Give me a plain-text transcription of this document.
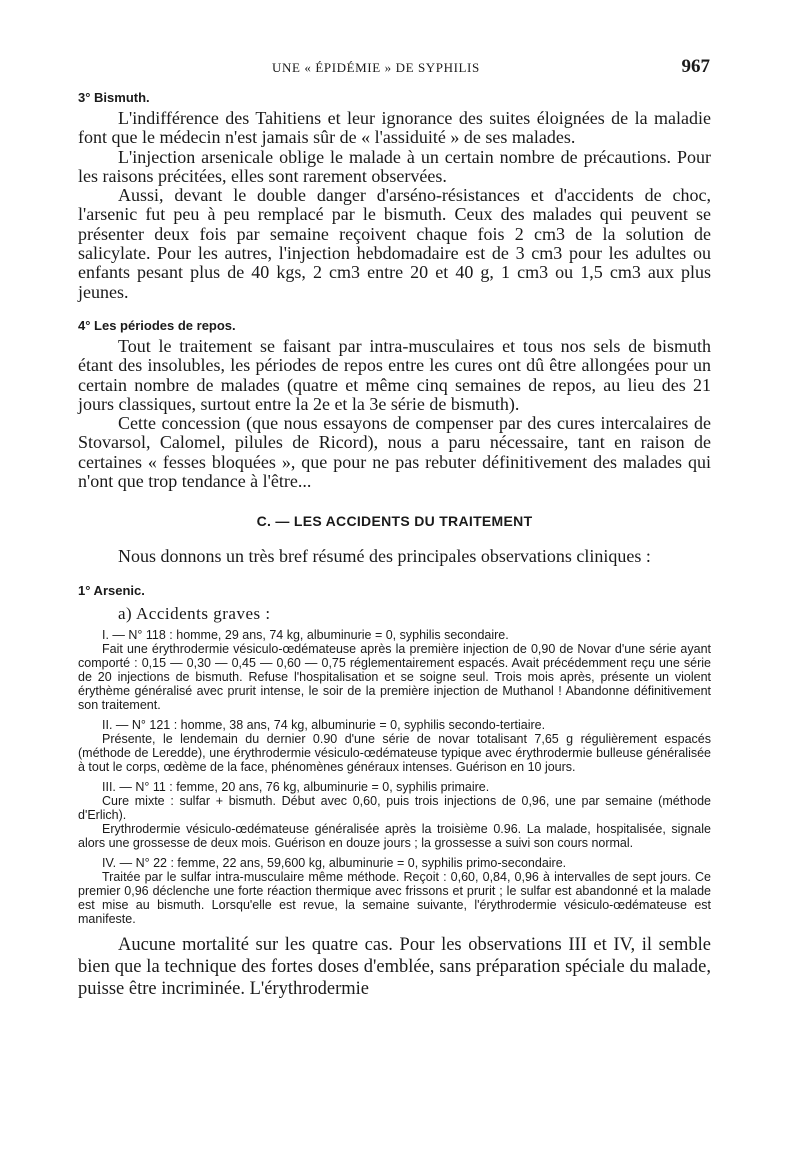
UNE « ÉPIDÉMIE » DE SYPHILIS	967
3° Bismuth.

L'indifférence des Tahitiens et leur ignorance des suites éloignées de la maladie font que le médecin n'est jamais sûr de « l'assiduité » de ses malades.

L'injection arsenicale oblige le malade à un certain nombre de précautions. Pour les raisons précitées, elles sont rarement observées.

Aussi, devant le double danger d'arséno-résistances et d'accidents de choc, l'arsenic fut peu à peu remplacé par le bismuth. Ceux des malades qui peuvent se présenter deux fois par semaine reçoivent chaque fois 2 cm3 de la solution de salicylate. Pour les autres, l'injection hebdomadaire est de 3 cm3 pour les adultes ou enfants pesant plus de 40 kgs, 2 cm3 entre 20 et 40 g, 1 cm3 ou 1,5 cm3 aux plus jeunes.

4° Les périodes de repos.

Tout le traitement se faisant par intra-musculaires et tous nos sels de bismuth étant des insolubles, les périodes de repos entre les cures ont dû être allongées pour un certain nombre de malades (quatre et même cinq semaines de repos, au lieu des 21 jours classiques, surtout entre la 2e et la 3e série de bismuth).

Cette concession (que nous essayons de compenser par des cures intercalaires de Stovarsol, Calomel, pilules de Ricord), nous a paru nécessaire, tant en raison de certaines « fesses bloquées », que pour ne pas rebuter définitivement des malades qui n'ont que trop tendance à l'être...

C. — LES ACCIDENTS DU TRAITEMENT

Nous donnons un très bref résumé des principales observations cliniques :

1° Arsenic.
a) Accidents graves :

I. — N° 118 : homme, 29 ans, 74 kg, albuminurie = 0, syphilis secondaire.

Fait une érythrodermie vésiculo-œdémateuse après la première injection de 0,90 de Novar d'une série ayant comporté : 0,15 — 0,30 — 0,45 — 0,60 — 0,75 réglementairement espacés. Avait précédemment reçu une série de 20 injections de bismuth. Refuse l'hospitalisation et se soigne seul. Trois mois après, présente un violent érythème généralisé avec prurit intense, le soir de la première injection de Muthanol ! Abandonne définitivement son traitement.

II. — N° 121 : homme, 38 ans, 74 kg, albuminurie = 0, syphilis secondo-tertiaire.

Présente, le lendemain du dernier 0.90 d'une série de novar totalisant 7,65 g régulièrement espacés (méthode de Leredde), une érythrodermie vésiculo-œdémateuse typique avec érythrodermie bulleuse généralisée à tout le corps, œdème de la face, phénomènes généraux intenses. Guérison en 10 jours.

III. — N° 11 : femme, 20 ans, 76 kg, albuminurie = 0, syphilis primaire.

Cure mixte : sulfar + bismuth. Début avec 0,60, puis trois injections de 0,96, une par semaine (méthode d'Erlich).

Erythrodermie vésiculo-œdémateuse généralisée après la troisième 0.96. La malade, hospitalisée, signale alors une grossesse de deux mois. Guérison en douze jours ; la grossesse a suivi son cours normal.

IV. — N° 22 : femme, 22 ans, 59,600 kg, albuminurie = 0, syphilis primo-secondaire.

Traitée par le sulfar intra-musculaire même méthode. Reçoit : 0,60, 0,84, 0,96 à intervalles de sept jours. Ce premier 0,96 déclenche une forte réaction thermique avec frissons et prurit ; le sulfar est abandonné et la malade est mise au bismuth. Lorsqu'elle est revue, la semaine suivante, l'érythrodermie vésiculo-œdémateuse est manifeste.

Aucune mortalité sur les quatre cas. Pour les observations III et IV, il semble bien que la technique des fortes doses d'emblée, sans préparation spéciale du malade, puisse être incriminée. L'érythrodermie
